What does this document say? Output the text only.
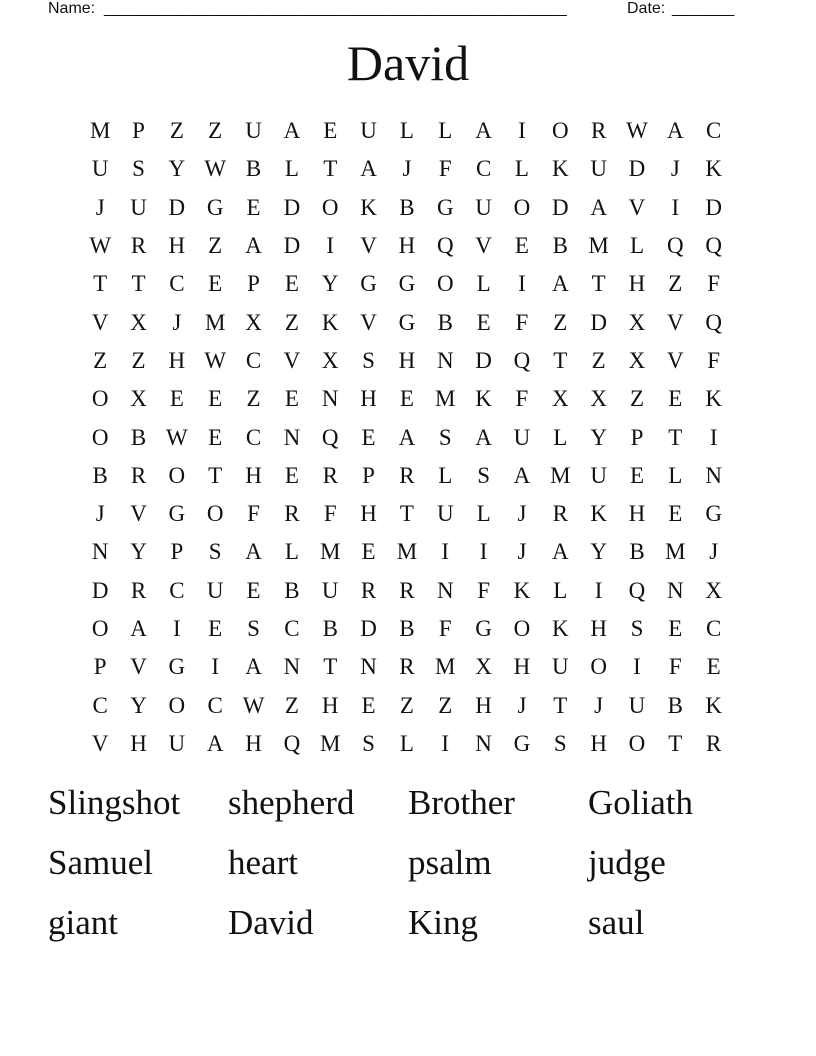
Name: ____________________________________________________	Date: _______
David
M P	Z	Z	U A	E	U	L	L	A	I	O R W A C
U	S	Y W B	L	T	A	J	F	C	L	K U D	J	K
J	U D G	E	D O K B G U O D A V	I	D
W R H	Z	A D	I	V H Q V	E	B M L	Q Q
T	T	C	E	P	E	Y G G O	L	I	A	T	H	Z	F
V X	J	M X	Z	K V G B	E	F	Z	D X V Q
Z	Z	H W C V X	S	H N D Q	T	Z	X V	F
O X	E	E	Z	E	N H	E M K	F	X X	Z	E	K
O B W E	C N Q	E	A	S	A U	L	Y	P	T	I
B	R O	T	H	E	R	P	R	L	S	A M U	E	L	N
J	V G O	F	R	F	H	T	U	L	J	R K H	E	G
N Y	P	S	A	L M E M	I	I	J	A Y B M	J
D R	C U	E	B U R	R N	F	K	L	I	Q N X
O A	I	E	S	C	B D B	F	G O K H	S	E	C
P	V G	I	A N	T	N R M X H U O	I	F	E
C Y O C W Z	H	E	Z	Z	H	J	T	J	U B K
V H U A H Q M S	L	I	N G	S	H O	T	R
Slingshot	shepherd	Brother	Goliath
Samuel	heart	psalm	judge
giant	David	King	saul
